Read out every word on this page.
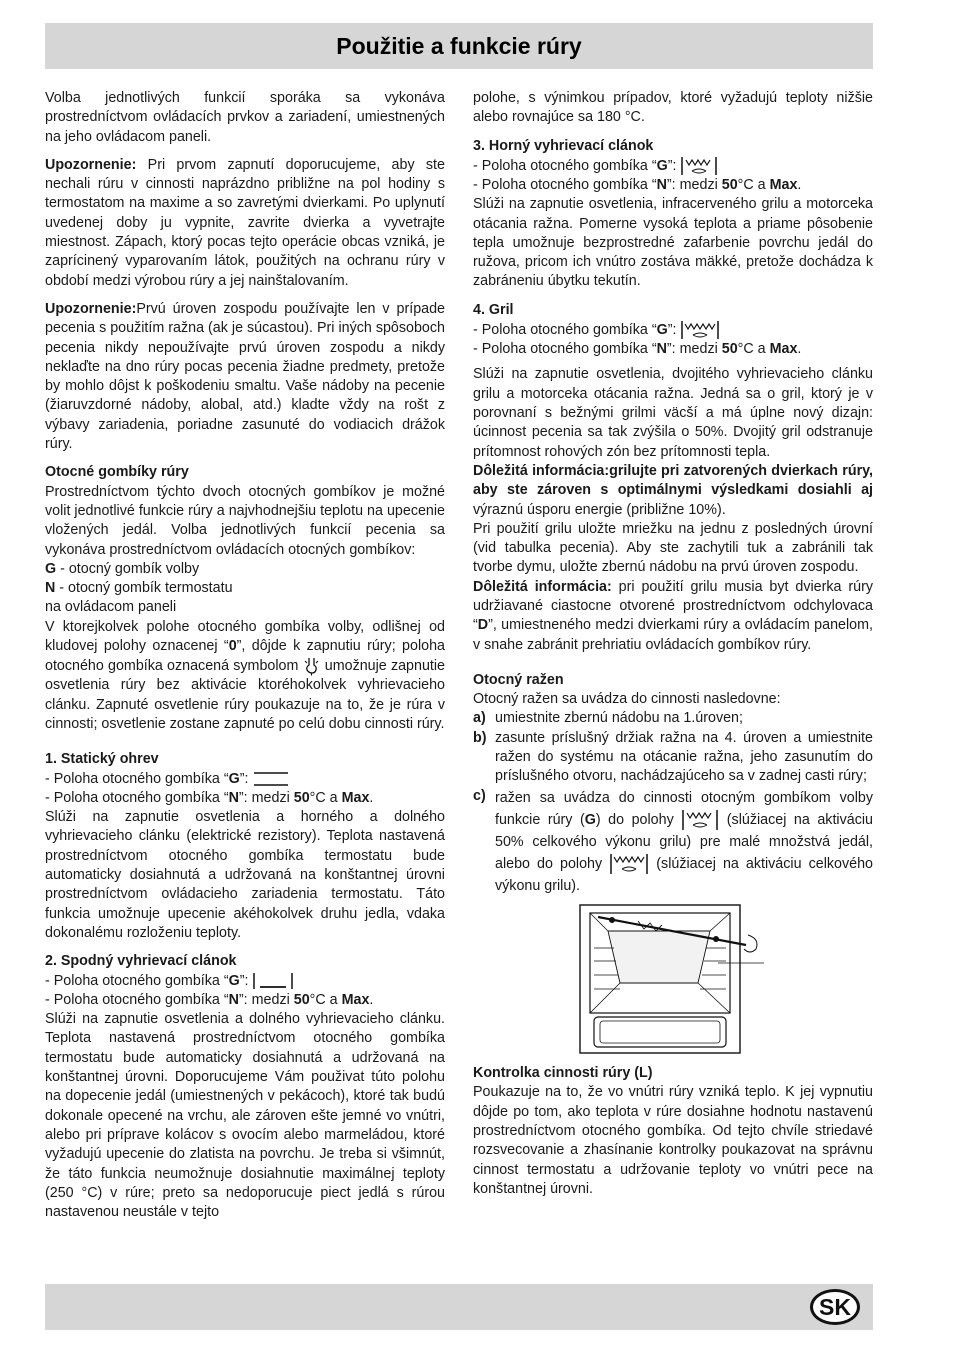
Použitie a funkcie rúry

Volba jednotlivých funkcií sporáka sa vykonáva prostredníctvom ovládacích prvkov a zariadení, umiestnených na jeho ovládacom paneli.

Upozornenie: Pri prvom zapnutí doporucujeme, aby ste nechali rúru v cinnosti naprázdno približne na pol hodiny s termostatom na maxime a so zavretými dvierkami. Po uplynutí uvedenej doby ju vypnite, zavrite dvierka a vyvetrajte miestnost. Zápach, ktorý pocas tejto operácie obcas vzniká, je zaprícinený vyparovaním látok, použitých na ochranu rúry v období medzi výrobou rúry a jej nainštalovaním.

Upozornenie:Prvú úroven zospodu používajte len v prípade pecenia s použitím ražna (ak je súcastou). Pri iných spôsoboch pecenia nikdy nepoužívajte prvú úroven zospodu a nikdy neklaďte na dno rúry pocas pecenia žiadne predmety, pretože by mohlo dôjst k poškodeniu smaltu. Vaše nádoby na pecenie (žiaruvzdorné nádoby, alobal, atd.) kladte vždy na rošt z výbavy zariadenia, poriadne zasunuté do vodiacich drážok rúry.

Otocné gombíky rúry
Prostredníctvom týchto dvoch otocných gombíkov je možné volit jednotlivé funkcie rúry a najvhodnejšiu teplotu na upecenie vložených jedál. Volba jednotlivých funkcií pecenia sa vykonáva prostredníctvom ovládacích otocných gombíkov:
G - otocný gombík volby
N - otocný gombík termostatu
na ovládacom paneli
V ktorejkolvek polohe otocného gombíka volby, odlišnej od kludovej polohy oznacenej “0”, dôjde k zapnutiu rúry; poloha otocného gombíka oznacená symbolom  umožnuje zapnutie osvetlenia rúry bez aktivácie ktoréhokolvek vyhrievacieho clánku. Zapnuté osvetlenie rúry poukazuje na to, že je rúra v cinnosti; osvetlenie zostane zapnuté po celú dobu cinnosti rúry.
1. Statický ohrev
- Poloha otocného gombíka “G”:
- Poloha otocného gombíka “N”: medzi 50°C a Max.

Slúži na zapnutie osvetlenia a horného a dolného vyhrievacieho clánku (elektrické rezistory). Teplota nastavená prostredníctvom otocného gombíka termostatu bude automaticky dosiahnutá a udržovaná na konštantnej úrovni prostredníctvom ovládacieho zariadenia termostatu. Táto funkcia umožnuje upecenie akéhokolvek druhu jedla, vdaka dokonalému rozloženiu teploty.

2. Spodný vyhrievací clánok
- Poloha otocného gombíka “G”:
- Poloha otocného gombíka “N”: medzi 50°C a Max.

Slúži na zapnutie osvetlenia a dolného vyhrievacieho clánku. Teplota nastavená prostredníctvom otocného gombíka termostatu bude automaticky dosiahnutá a udržovaná na konštantnej úrovni. Doporucujeme Vám použivat túto polohu na dopecenie jedál (umiestnených v pekácoch), ktoré tak budú dokonale opecené na vrchu, ale zároven ešte jemné vo vnútri, alebo pri príprave kolácov s ovocím alebo marmeládou, ktoré vyžadujú upecenie do zlatista na povrchu. Je treba si všimnút, že táto funkcia neumožnuje dosiahnutie maximálnej teploty (250 °C) v rúre; preto sa nedoporucuje piect jedlá s rúrou nastavenou neustále v tejto

polohe, s výnimkou prípadov, ktoré vyžadujú teploty nižšie alebo rovnajúce sa 180 °C.

3. Horný vyhrievací clánok
- Poloha otocného gombíka “G”:
- Poloha otocného gombíka “N”: medzi 50°C a Max.

Slúži na zapnutie osvetlenia, infracerveného grilu a motorceka otácania ražna. Pomerne vysoká teplota a priame pôsobenie tepla umožnuje bezprostredné zafarbenie povrchu jedál do ružova, pricom ich vnútro zostáva mäkké, pretože dochádza k zabráneniu úbytku tekutín.

4. Gril
- Poloha otocného gombíka “G”:
- Poloha otocného gombíka “N”: medzi 50°C a Max.
Slúži na zapnutie osvetlenia, dvojitého vyhrievacieho clánku grilu a motorceka otácania ražna. Jedná sa o gril, ktorý je v porovnaní s bežnými grilmi väcší a má úplne nový dizajn: úcinnost pecenia sa tak zvýšila o 50%. Dvojitý gril odstranuje prítomnost rohových zón bez prítomnosti tepla.
Dôležitá informácia:grilujte pri zatvorených dvierkach rúry, aby ste zároven s optimálnymi výsledkami dosiahli aj výraznú úsporu energie (približne 10%).
Pri použití grilu uložte mriežku na jednu z posledných úrovní (vid tabulka pecenia). Aby ste zachytili tuk a zabránili tak tvorbe dymu, uložte zbernú nádobu na prvú úroven zospodu.

Dôležitá informácia: pri použití grilu musia byt dvierka rúry udržiavané ciastocne otvorené prostredníctvom odchylovaca “D”, umiestneného medzi dvierkami rúry a ovládacím panelom, v snahe zabránit prehriatiu ovládacích gombíkov rúry.

Otocný ražen
Otocný ražen sa uvádza do cinnosti nasledovne:
a) umiestnite zbernú nádobu na 1.úroven;
b) zasunte príslušný držiak ražna na 4. úroven a umiestnite ražen do systému na otácanie ražna, jeho zasunutím do príslušného otvoru, nachádzajúceho sa v zadnej casti rúry;
c) ražen sa uvádza do cinnosti otocným gombíkom volby funkcie rúry (G) do polohy	(slúžiacej na aktiváciu 50% celkového výkonu grilu) pre malé množstvá jedál, alebo do polohy	(slúžiacej na aktiváciu celkového výkonu grilu).
Kontrolka cinnosti rúry (L)

Poukazuje na to, že vo vnútri rúry vzniká teplo. K jej vypnutiu dôjde po tom, ako teplota v rúre dosiahne hodnotu nastavenú prostredníctvom otocného gombíka. Od tejto chvíle striedavé rozsvecovanie a zhasínanie kontrolky poukazovat na správnu cinnost termostatu a udržovanie teploty vo vnútri pece na konštantnej úrovni.

SK
